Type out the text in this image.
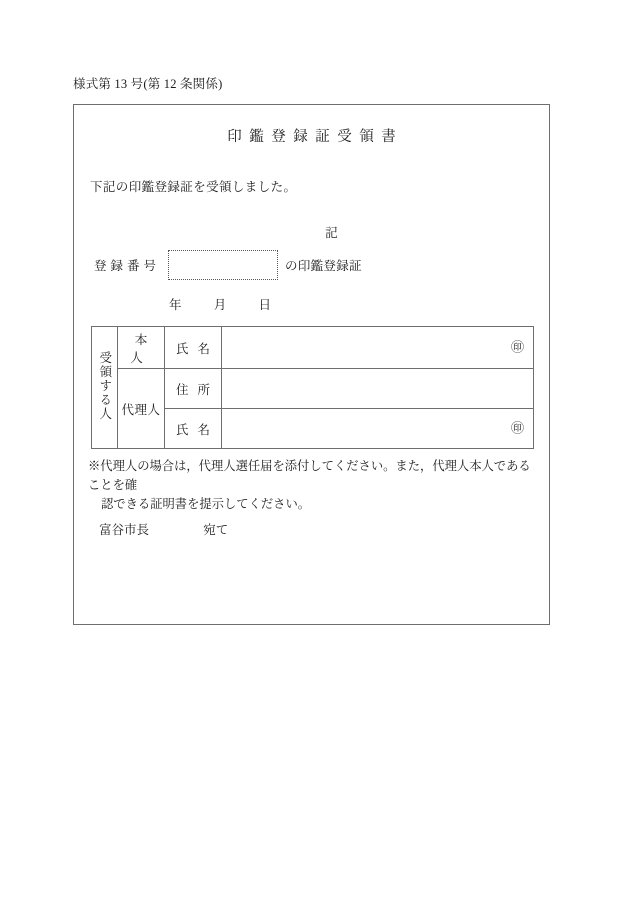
様式第 13 号(第 12 条関係)
印鑑登録証受領書
下記の印鑑登録証を受領しました。
記
登録番号	の印鑑登録証
年	月	日
受領する人	本人	氏名	㊞

	代理人	住所	
		氏名	㊞
※代理人の場合は，代理人選任届を添付してください。また，代理人本人であることを確
認できる証明書を提示してください。
富谷市長	宛て
